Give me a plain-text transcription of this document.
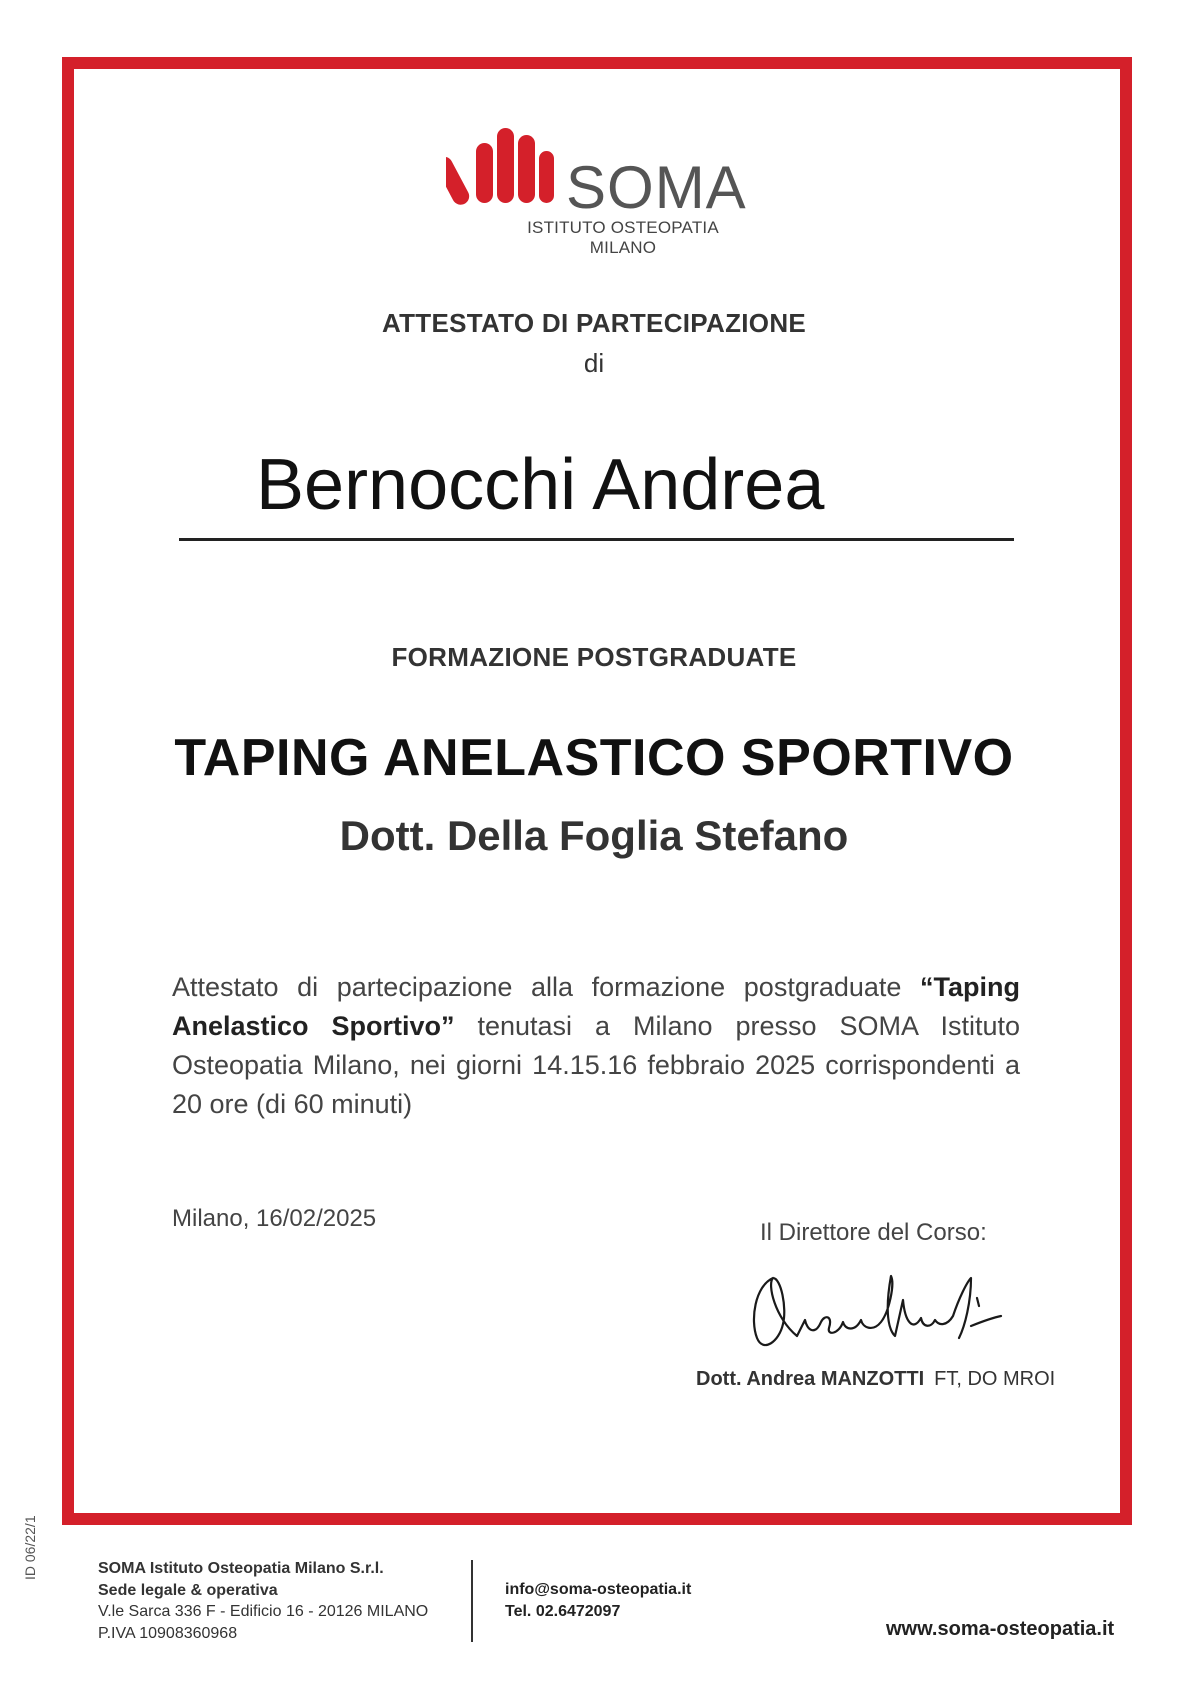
SOMA
ISTITUTO OSTEOPATIA MILANO
ATTESTATO DI PARTECIPAZIONE
di
Bernocchi Andrea
FORMAZIONE POSTGRADUATE
TAPING ANELASTICO SPORTIVO
Dott. Della Foglia Stefano
Attestato di partecipazione alla formazione postgraduate “Taping Anelastico Sportivo” tenutasi a Milano presso SOMA Istituto Osteopatia Milano, nei giorni 14.15.16 febbraio 2025 corrispondenti a 20 ore (di 60 minuti)
Milano, 16/02/2025
Il Direttore del Corso:
Dott. Andrea MANZOTTI FT, DO MROI
ID 06/22/1	SOMA Istituto Osteopatia Milano S.r.l.
Sede legale & operativa
V.le Sarca 336 F - Edificio 16 - 20126 MILANO
P.IVA 10908360968
info@soma-osteopatia.it
Tel. 02.6472097
www.soma-osteopatia.it
